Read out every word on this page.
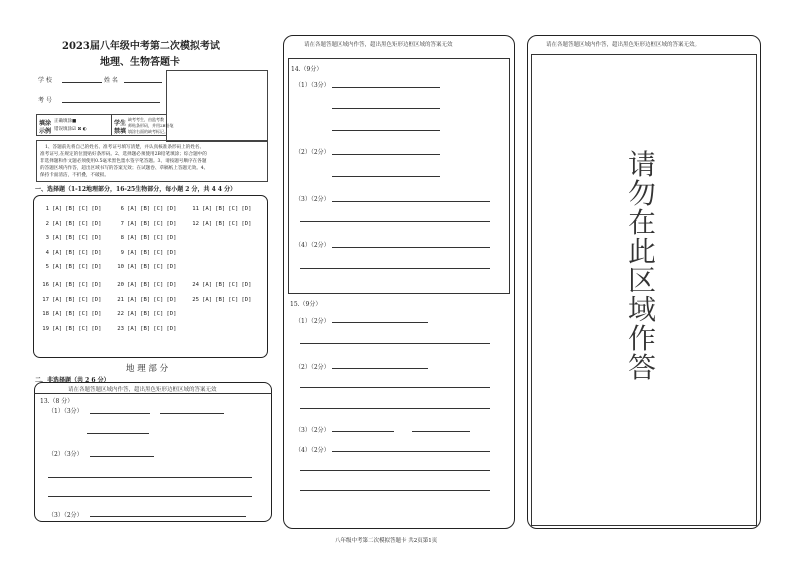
2023届八年级中考第二次模拟考试
地理、生物答题卡
学 校	姓 名
考 号
填涂
示例
正确填涂■
错误填涂☑ ⊠ ◐
学生
禁填
缺考考生，由监考教
师贴条形码，并用2B铅笔
填涂右面的缺考标记。
1、答题前先将自己的姓名、准考证号填写清楚，并认真核准条形码上的姓名、
准考证号,在规定的位置贴好条形码。2、选择题必须使用2B铅笔填涂；综合题中的
非选择题和作文题必须使用0.5毫米黑色墨水签字笔答题。3、请按题号顺序在各题
的答题区域内作答，超出区域书写的答案无效；在试题卷、草稿纸上答题无效。4、
保持卡面清洁，不折叠，不破损。
一、选择题（1-12地理部分，16-25生物部分，每小题 2 分，共 4 4 分）
1 [A] [B] [C] [D]
2 [A] [B] [C] [D]
3 [A] [B] [C] [D]
4 [A] [B] [C] [D]
5 [A] [B] [C] [D]
6 [A] [B] [C] [D]
7 [A] [B] [C] [D]
8 [A] [B] [C] [D]
9 [A] [B] [C] [D]
10 [A] [B] [C] [D]
11 [A] [B] [C] [D]
12 [A] [B] [C] [D]
16 [A] [B] [C] [D]
17 [A] [B] [C] [D]
18 [A] [B] [C] [D]
19 [A] [B] [C] [D]
20 [A] [B] [C] [D]
21 [A] [B] [C] [D]
22 [A] [B] [C] [D]
23 [A] [B] [C] [D]
24 [A] [B] [C] [D]
25 [A] [B] [C] [D]
地 理 部 分
二、非选择题（共 2 6 分）
请在各题答题区域内作答，超出黑色矩形边框区域的答案无效
13.（8 分）
（1）（3分）
（2）（3分）
（3）（2分）
请在各题答题区域内作答，超出黑色矩形边框区域的答案无效
14.（9分）
（1）（3分）
（2）（2分）
（3）（2分）
（4）（2分）
15.（9分）
（1）（2分）
（2）（2分）
（3）（2分）
（4）（2分）
请在各题答题区域内作答，超出黑色矩形边框区域的答案无效。
请
勿
在
此
区
域
作
答
八年级中考第二次模拟答题卡 共2页第1页
